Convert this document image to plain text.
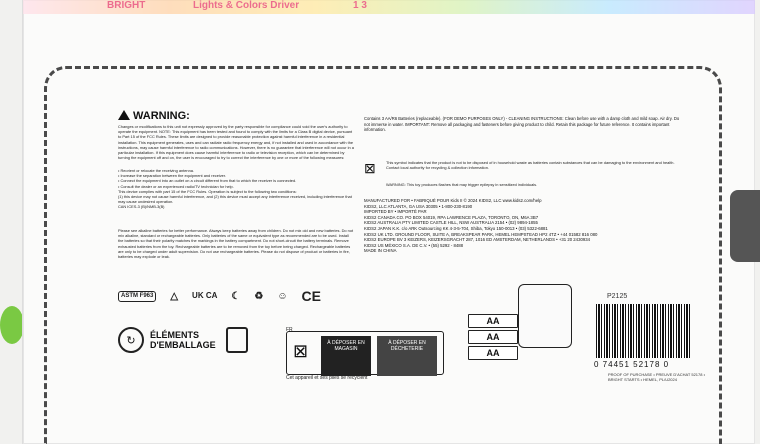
BRIGHT	Lights & Colors Driver	1 3
WARNING:
Changes or modifications to this unit not expressly approved by the party responsible for compliance could void the user's authority to operate the equipment. NOTE: This equipment has been tested and found to comply with the limits for a Class B digital device, pursuant to Part 15 of the FCC Rules. These limits are designed to provide reasonable protection against harmful interference in a residential installation. This equipment generates, uses and can radiate radio frequency energy and, if not installed and used in accordance with the instructions, may cause harmful interference to radio communications. However, there is no guarantee that interference will not occur in a particular installation. If this equipment does cause harmful interference to radio or television reception, which can be determined by turning the equipment off and on, the user is encouraged to try to correct the interference by one or more of the following measures:
• Reorient or relocate the receiving antenna.
• Increase the separation between the equipment and receiver.
• Connect the equipment into an outlet on a circuit different from that to which the receiver is connected.
• Consult the dealer or an experienced radio/TV technician for help.
This device complies with part 15 of the FCC Rules. Operation is subject to the following two conditions:
(1) this device may not cause harmful interference, and (2) this device must accept any interference received, including interference that may cause undesired operation.
CAN ICES-3 (B)/NMB-3(B)
Please see alkaline batteries for better performance. Always keep batteries away from children. Do not mix old and new batteries. Do not mix alkaline, standard or rechargeable batteries. Only batteries of the same or equivalent type as recommended are to be used. Install the batteries so that their polarity matches the markings in the battery compartment. Do not short-circuit the battery terminals. Remove exhausted batteries from the toy. Rechargeable batteries are to be removed from the toy before being charged. Rechargeable batteries are only to be charged under adult supervision. Do not use rechargeable batteries. Please do not dispose of product or batteries in fire, batteries may explode or leak.
ASTM F963	△ UK CA ☾ ♻ ☺ CE
↻	ÉLÉMENTS D'EMBALLAGE	⊠	À DÉPOSER EN MAGASIN
À DÉPOSER EN DÉCHETERIE
FR
Cet appareil et ses piles se recyclent
Contains 3 AA/R6 Batteries (replaceable). (FOR DEMO PURPOSES ONLY) - CLEANING INSTRUCTIONS: Clean before use with a damp cloth and mild soap. Air dry. Do not immerse in water. IMPORTANT: Remove all packaging and fasteners before giving product to child. Retain this package for future reference. It contains important information.
⊠	This symbol indicates that the product is not to be disposed of in household waste as batteries contain substances that can be damaging to the environment and health. Contact local authority for recycling & collection information.
WARNING: This toy produces flashes that may trigger epilepsy in sensitized individuals.
MANUFACTURED FOR • FABRIQUÉ POUR Kids II © 2024 KIDS2, LLC www.kids2.com/help
KIDS2, LLC ATLANTA, GA USA 30305 • 1-800-230-8190
IMPORTED BY • IMPORTÉ PAR
KIDS2 CANADA CO. PO BOX 54019, RPA LAWRENCE PLAZA, TORONTO, ON, M6A 3B7
KIDS2 AUSTRALIA PTY LIMITED CASTLE HILL, NSW AUSTRALIA 2154 • (02) 9894-1855
KIDS2 JAPAN K.K. c/o ARK Outsourcing KK 4-3-5-704, Shiba, Tokyo 150-0013 • (03) 5322-6881
KIDS2 UK LTD. GROUND FLOOR, SUITE A, BREAKSPEAR PARK, HEMEL HEMPSTEAD HP2 4TZ • +44 01582 816 080
KIDS2 EUROPE BV 3 KEIZERS, KEIZERSGRACHT 287, 1016 ED AMSTERDAM, NETHERLANDS • +31 20 2430934
KIDS2 US MÉXICO S.A. DE C.V. • (55) 5292 - 8488
MADE IN CHINA
AA
AA
AA
P2125
0 74451 52178 0
PROOF OF PURCHASE • PREUVE D'ACHAT 52178 • BRIGHT STARTS • HEMEL, PL/U2024
